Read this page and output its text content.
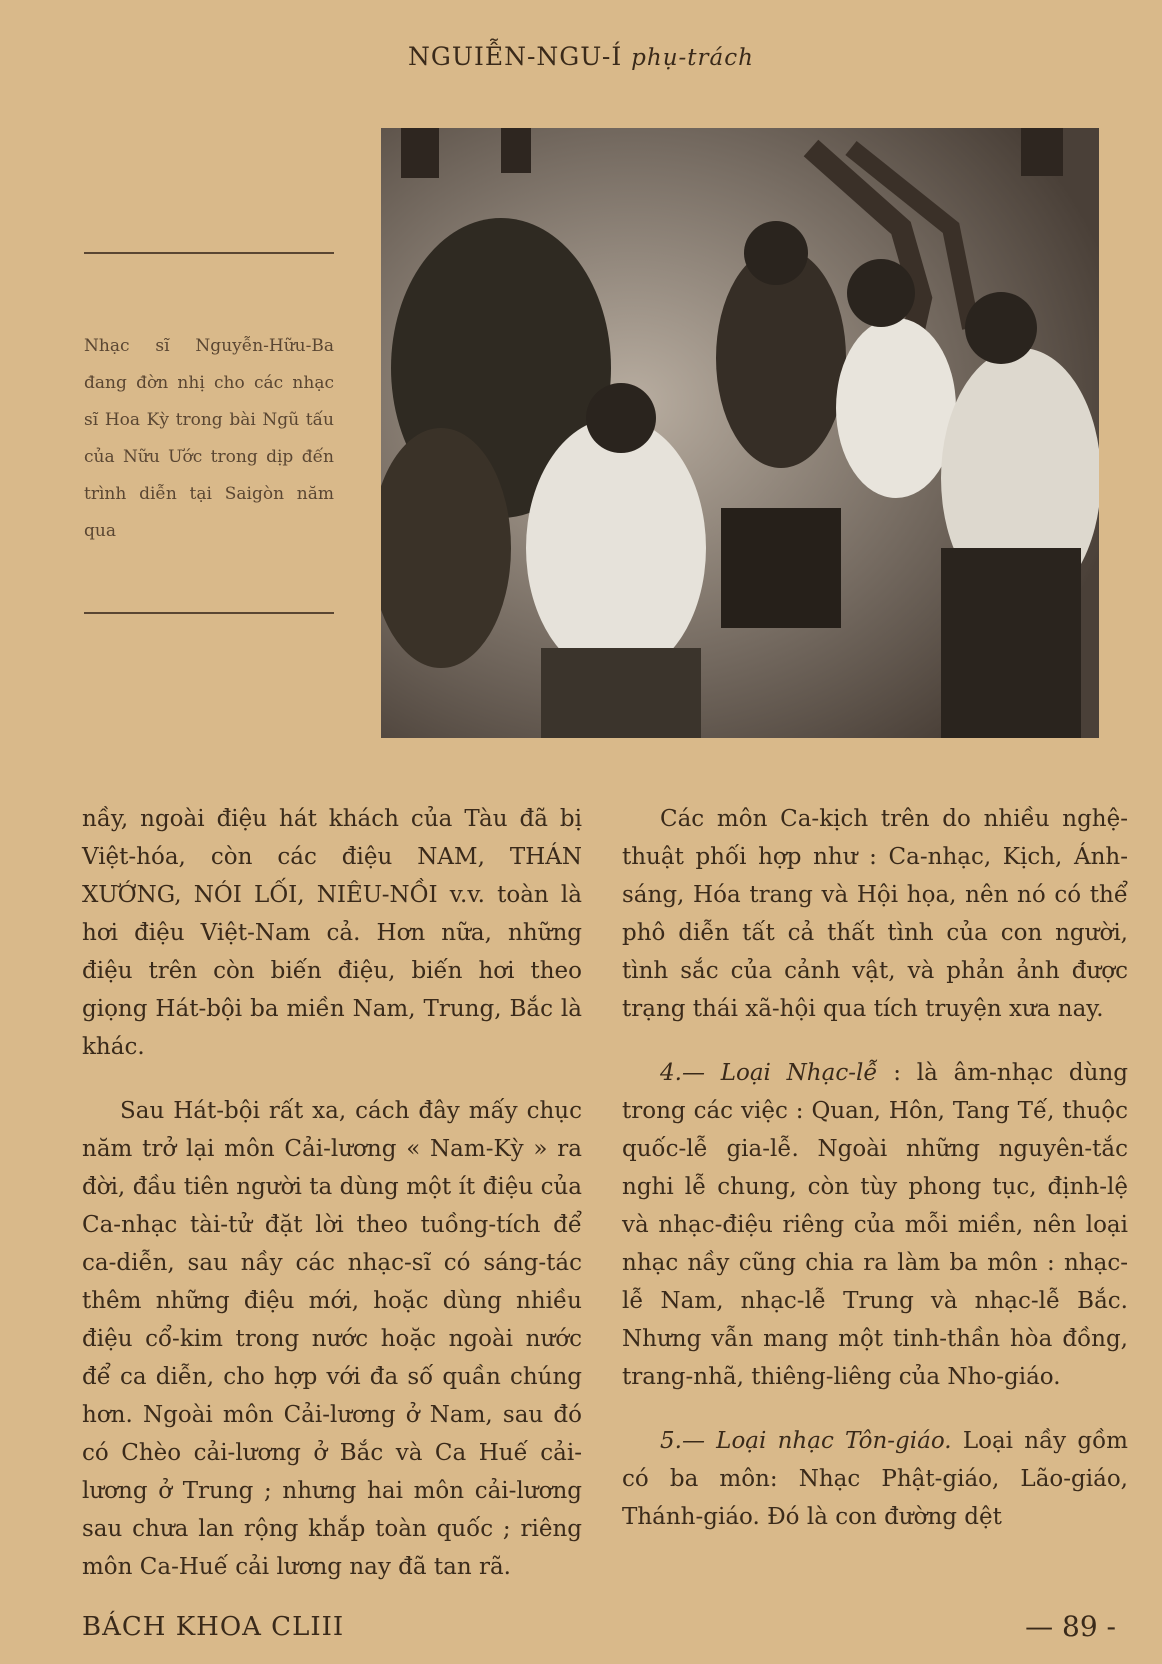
NGUIỄN-NGU-Í phụ-trách
Nhạc sĩ Nguyễn-Hữu-Ba đang đờn nhị cho các nhạc sĩ Hoa Kỳ trong bài Ngũ tấu của Nữu Ước trong dịp đến trình diễn tại Saigòn năm qua

nầy, ngoài điệu hát khách của Tàu đã bị Việt-hóa, còn các điệu NAM, THÁN XƯỚNG, NÓI LỐI, NIÊU-NỒI v.v. toàn là hơi điệu Việt-Nam cả. Hơn nữa, những điệu trên còn biến điệu, biến hơi theo giọng Hát-bội ba miền Nam, Trung, Bắc là khác.

Sau Hát-bội rất xa, cách đây mấy chục năm trở lại môn Cải-lương « Nam-Kỳ » ra đời, đầu tiên người ta dùng một ít điệu của Ca-nhạc tài-tử đặt lời theo tuồng-tích để ca-diễn, sau nầy các nhạc-sĩ có sáng-tác thêm những điệu mới, hoặc dùng nhiều điệu cổ-kim trong nước hoặc ngoài nước để ca diễn, cho hợp với đa số quần chúng hơn. Ngoài môn Cải-lương ở Nam, sau đó có Chèo cải-lương ở Bắc và Ca Huế cải-lương ở Trung ; nhưng hai môn cải-lương sau chưa lan rộng khắp toàn quốc ; riêng môn Ca-Huế cải lương nay đã tan rã.

Các môn Ca-kịch trên do nhiều nghệ-thuật phối hợp như : Ca-nhạc, Kịch, Ánh-sáng, Hóa trang và Hội họa, nên nó có thể phô diễn tất cả thất tình của con người, tình sắc của cảnh vật, và phản ảnh được trạng thái xã-hội qua tích truyện xưa nay.

4.— Loại Nhạc-lễ : là âm-nhạc dùng trong các việc : Quan, Hôn, Tang Tế, thuộc quốc-lễ gia-lễ. Ngoài những nguyên-tắc nghi lễ chung, còn tùy phong tục, định-lệ và nhạc-điệu riêng của mỗi miền, nên loại nhạc nầy cũng chia ra làm ba môn : nhạc-lễ Nam, nhạc-lễ Trung và nhạc-lễ Bắc. Nhưng vẫn mang một tinh-thần hòa đồng, trang-nhã, thiêng-liêng của Nho-giáo.

5.— Loại nhạc Tôn-giáo. Loại nầy gồm có ba môn: Nhạc Phật-giáo, Lão-giáo, Thánh-giáo. Đó là con đường dệt

BÁCH KHOA CLIII	— 89 -
